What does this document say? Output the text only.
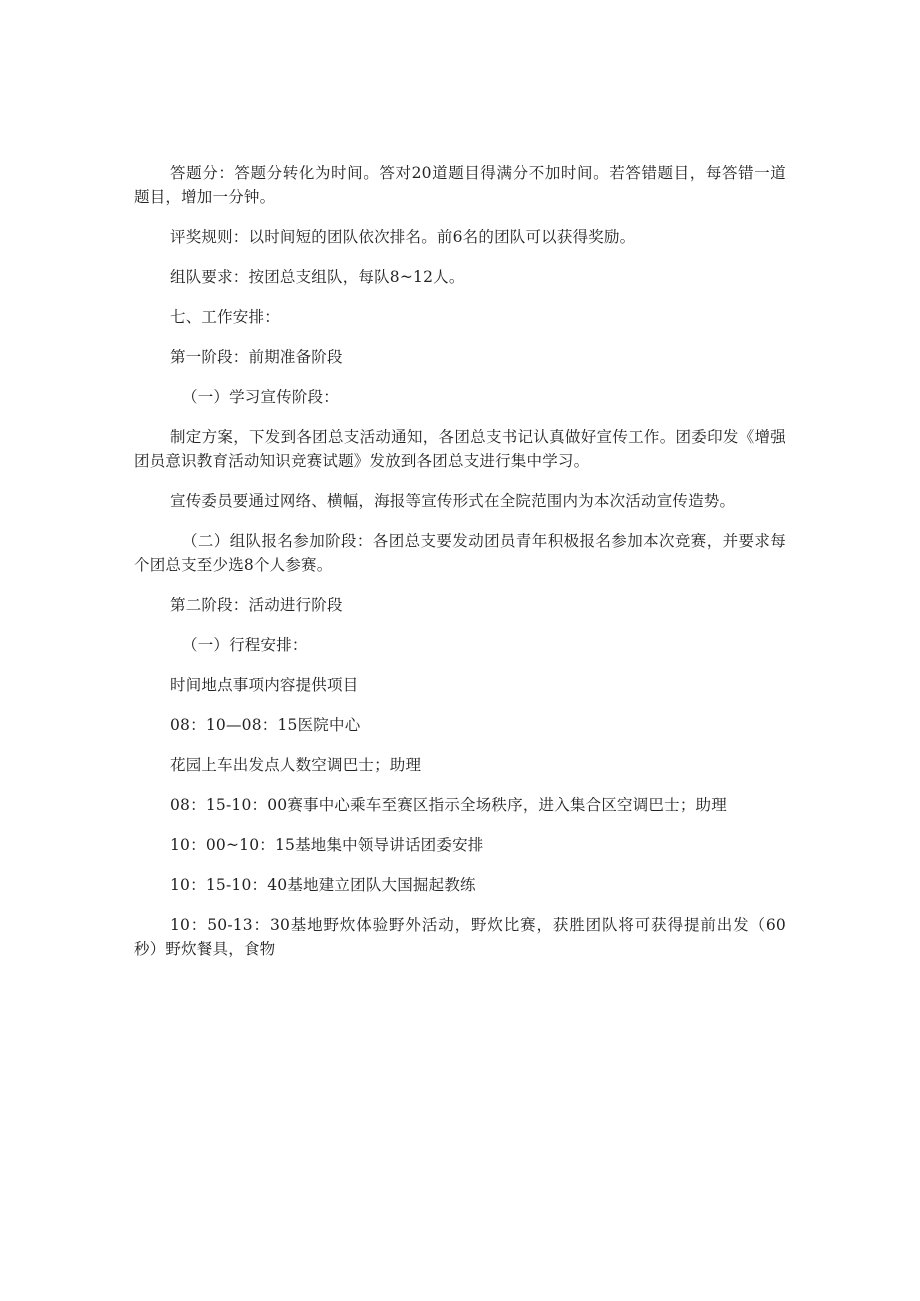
答题分：答题分转化为时间。答对20道题目得满分不加时间。若答错题目，每答错一道题目，增加一分钟。

评奖规则：以时间短的团队依次排名。前6名的团队可以获得奖励。

组队要求：按团总支组队，每队8~12人。

七、工作安排：

第一阶段：前期准备阶段

（一）学习宣传阶段：

制定方案，下发到各团总支活动通知，各团总支书记认真做好宣传工作。团委印发《增强团员意识教育活动知识竞赛试题》发放到各团总支进行集中学习。

宣传委员要通过网络、横幅，海报等宣传形式在全院范围内为本次活动宣传造势。

（二）组队报名参加阶段：各团总支要发动团员青年积极报名参加本次竞赛，并要求每个团总支至少选8个人参赛。

第二阶段：活动进行阶段

（一）行程安排：

时间地点事项内容提供项目

08：10—08：15医院中心

花园上车出发点人数空调巴士；助理

08：15-10：00赛事中心乘车至赛区指示全场秩序，进入集合区空调巴士；助理

10：00~10：15基地集中领导讲话团委安排

10：15-10：40基地建立团队大国掘起教练

10：50-13：30基地野炊体验野外活动，野炊比赛，获胜团队将可获得提前出发（60秒）野炊餐具，食物
